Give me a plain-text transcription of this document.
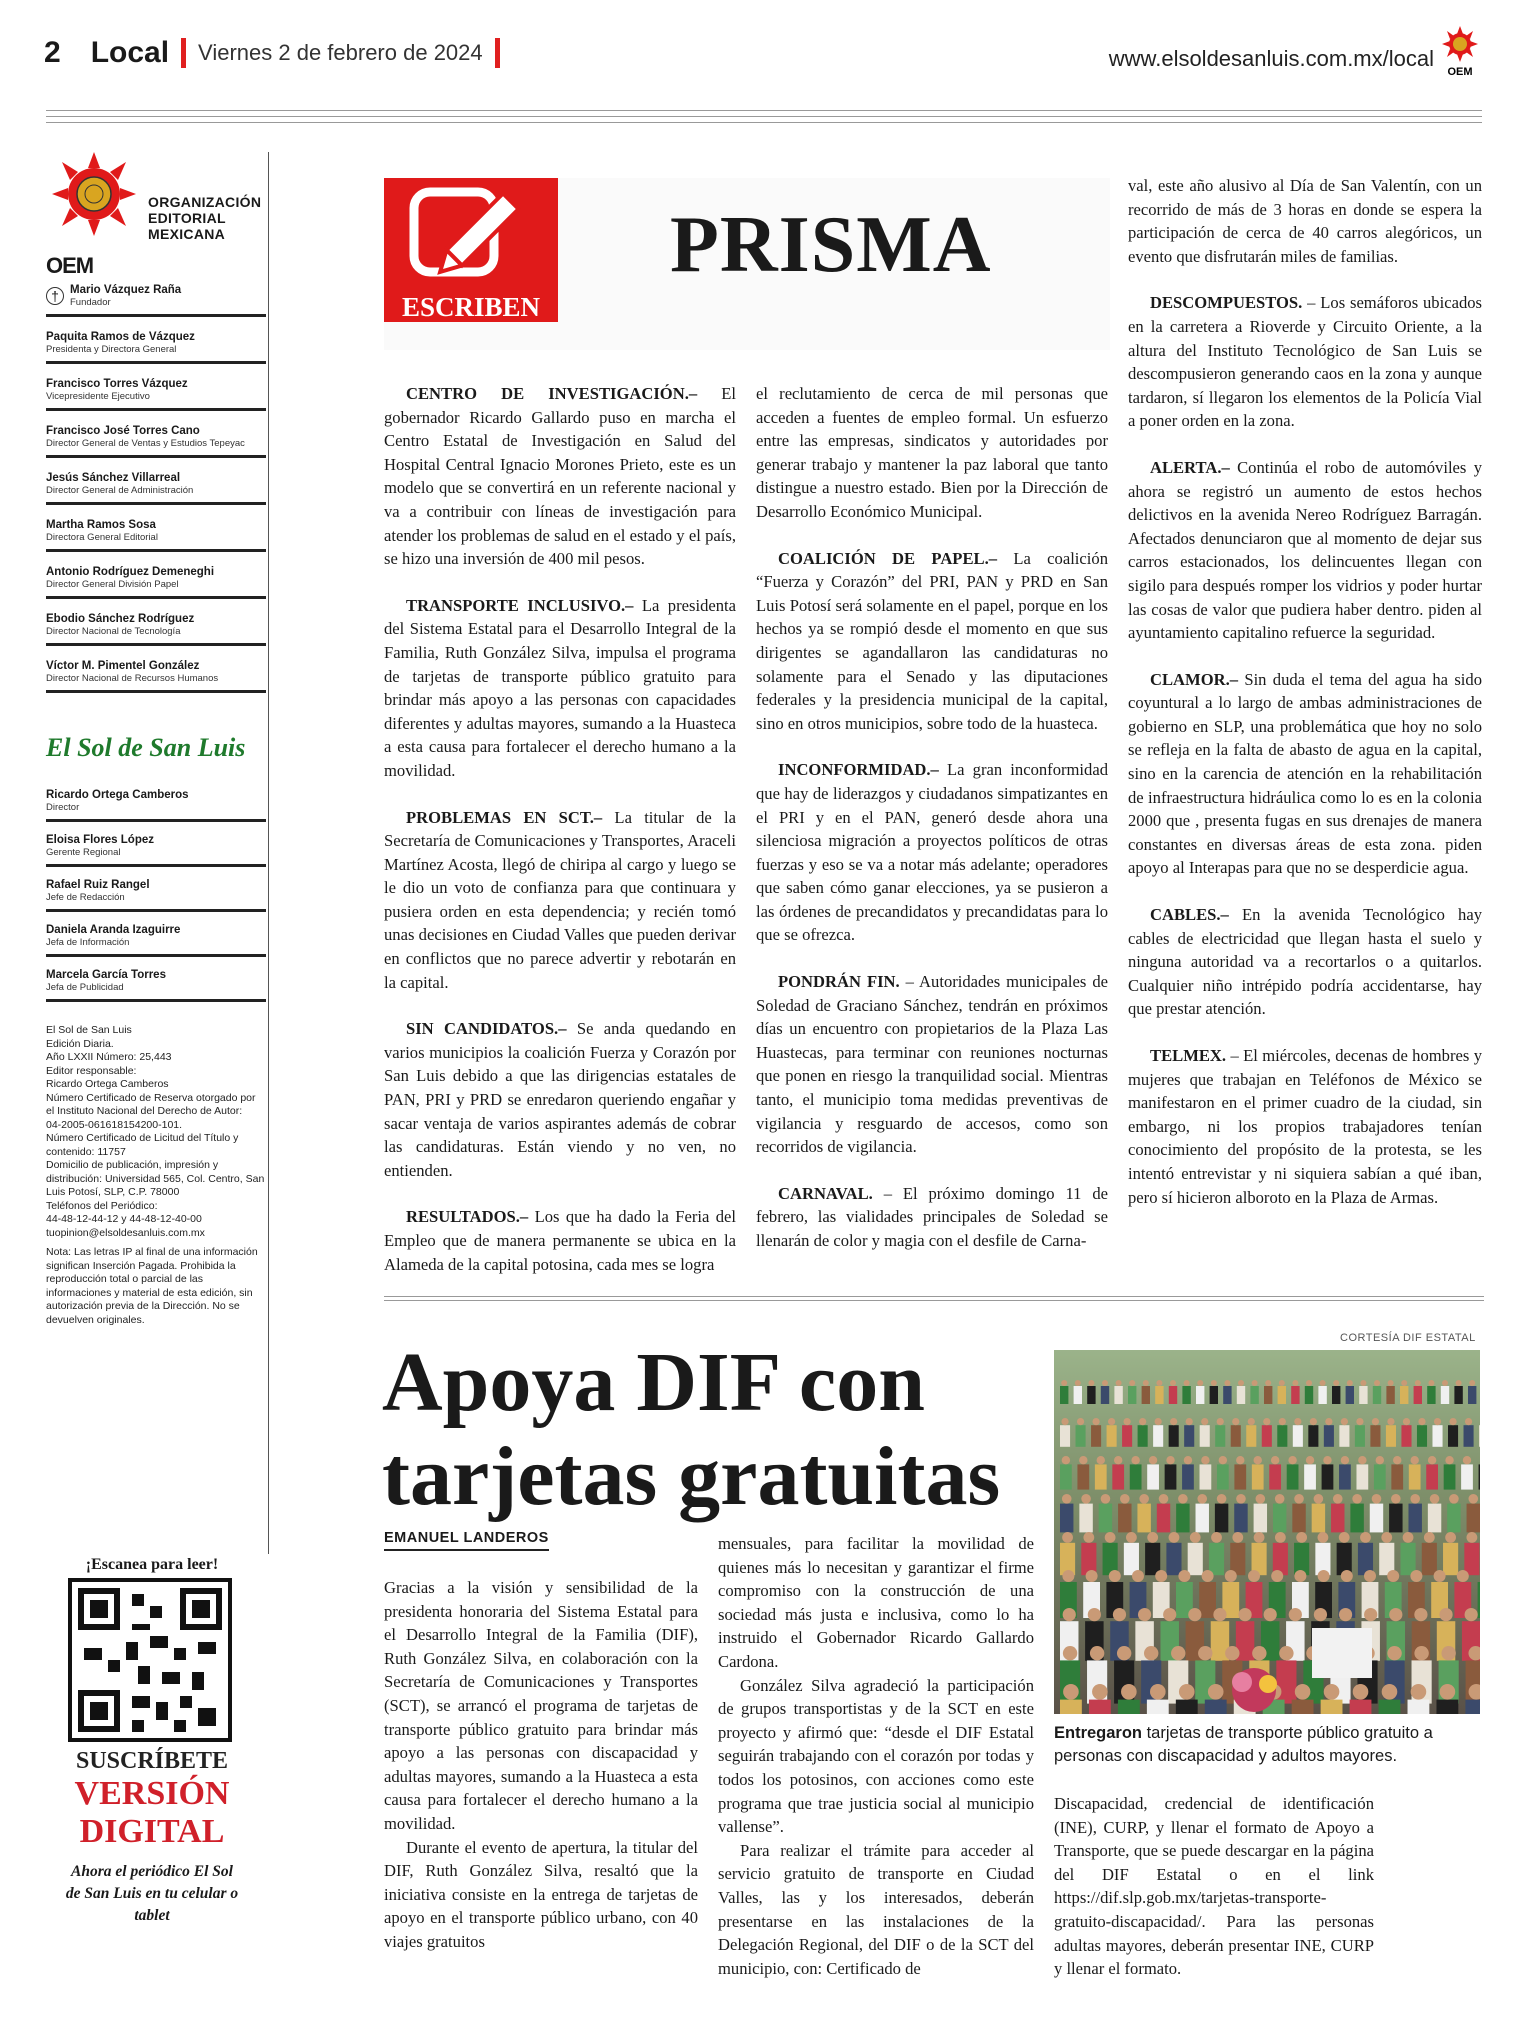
2 Local Viernes 2 de febrero de 2024	www.elsoldesanluis.com.mx/local
OEM
OEM
ORGANIZACIÓN EDITORIAL MEXICANA
† Mario Vázquez Raña
Fundador
Paquita Ramos de Vázquez
Presidenta y Directora General
Francisco Torres Vázquez
Vicepresidente Ejecutivo
Francisco José Torres Cano
Director General de Ventas y Estudios Tepeyac
Jesús Sánchez Villarreal
Director General de Administración
Martha Ramos Sosa
Directora General Editorial
Antonio Rodríguez Demeneghi
Director General División Papel
Ebodio Sánchez Rodríguez
Director Nacional de Tecnología
Víctor M. Pimentel González
Director Nacional de Recursos Humanos
El Sol de San Luis
Ricardo Ortega Camberos
Director
Eloisa Flores López
Gerente Regional
Rafael Ruiz Rangel
Jefe de Redacción
Daniela Aranda Izaguirre
Jefa de Información
Marcela García Torres
Jefa de Publicidad
El Sol de San Luis
Edición Diaria.
Año LXXII Número: 25,443
Editor responsable:
Ricardo Ortega Camberos
Número Certificado de Reserva otorgado por el Instituto Nacional del Derecho de Autor:
04-2005-061618154200-101.
Número Certificado de Licitud del Título y contenido: 11757
Domicilio de publicación, impresión y distribución: Universidad 565, Col. Centro, San Luis Potosí, SLP, C.P. 78000
Teléfonos del Periódico:
44-48-12-44-12 y 44-48-12-40-00
tuopinion@elsoldesanluis.com.mx
Nota: Las letras IP al final de una información significan Inserción Pagada. Prohibida la reproducción total o parcial de las informaciones y material de esta edición, sin autorización previa de la Dirección. No se devuelven originales.
¡Escanea para leer!
SUSCRÍBETE
VERSIÓN DIGITAL
Ahora el periódico El Sol de San Luis en tu celular o tablet
ESCRIBEN
PRISMA

CENTRO DE INVESTIGACIÓN.– El gobernador Ricardo Gallardo puso en marcha el Centro Estatal de Investigación en Salud del Hospital Central Ignacio Morones Prieto, este es un modelo que se convertirá en un referente nacional y va a contribuir con líneas de investigación para atender los problemas de salud en el estado y el país, se hizo una inversión de 400 mil pesos.

TRANSPORTE INCLUSIVO.– La presidenta del Sistema Estatal para el Desarrollo Integral de la Familia, Ruth González Silva, impulsa el programa de tarjetas de transporte público gratuito para brindar más apoyo a las personas con capacidades diferentes y adultas mayores, sumando a la Huasteca a esta causa para fortalecer el derecho humano a la movilidad.

PROBLEMAS EN SCT.– La titular de la Secretaría de Comunicaciones y Transportes, Araceli Martínez Acosta, llegó de chiripa al cargo y luego se le dio un voto de confianza para que continuara y pusiera orden en esta dependencia; y recién tomó unas decisiones en Ciudad Valles que pueden derivar en conflictos que no parece advertir y rebotarán en la capital.

SIN CANDIDATOS.– Se anda quedando en varios municipios la coalición Fuerza y Corazón por San Luis debido a que las dirigencias estatales de PAN, PRI y PRD se enredaron queriendo engañar y sacar ventaja de varios aspirantes además de cobrar las candidaturas. Están viendo y no ven, no entienden.

RESULTADOS.– Los que ha dado la Feria del Empleo que de manera permanente se ubica en la Alameda de la capital potosina, cada mes se logra

el reclutamiento de cerca de mil personas que acceden a fuentes de empleo formal. Un esfuerzo entre las empresas, sindicatos y autoridades por generar trabajo y mantener la paz laboral que tanto distingue a nuestro estado. Bien por la Dirección de Desarrollo Económico Municipal.

COALICIÓN DE PAPEL.– La coalición “Fuerza y Corazón” del PRI, PAN y PRD en San Luis Potosí será solamente en el papel, porque en los hechos ya se rompió desde el momento en que sus dirigentes se agandallaron las candidaturas no solamente para el Senado y las diputaciones federales y la presidencia municipal de la capital, sino en otros municipios, sobre todo de la huasteca.

INCONFORMIDAD.– La gran inconformidad que hay de liderazgos y ciudadanos simpatizantes en el PRI y en el PAN, generó desde ahora una silenciosa migración a proyectos políticos de otras fuerzas y eso se va a notar más adelante; operadores que saben cómo ganar elecciones, ya se pusieron a las órdenes de precandidatos y precandidatas para lo que se ofrezca.

PONDRÁN FIN. – Autoridades municipales de Soledad de Graciano Sánchez, tendrán en próximos días un encuentro con propietarios de la Plaza Las Huastecas, para terminar con reuniones nocturnas que ponen en riesgo la tranquilidad social. Mientras tanto, el municipio toma medidas preventivas de vigilancia y resguardo de accesos, como son recorridos de vigilancia.

CARNAVAL. – El próximo domingo 11 de febrero, las vialidades principales de Soledad se llenarán de color y magia con el desfile de Carna-

val, este año alusivo al Día de San Valentín, con un recorrido de más de 3 horas en donde se espera la participación de cerca de 40 carros alegóricos, un evento que disfrutarán miles de familias.

DESCOMPUESTOS. – Los semáforos ubicados en la carretera a Rioverde y Circuito Oriente, a la altura del Instituto Tecnológico de San Luis se descompusieron generando caos en la zona y aunque tardaron, sí llegaron los elementos de la Policía Vial a poner orden en la zona.

ALERTA.– Continúa el robo de automóviles y ahora se registró un aumento de estos hechos delictivos en la avenida Nereo Rodríguez Barragán. Afectados denunciaron que al momento de dejar sus carros estacionados, los delincuentes llegan con sigilo para después romper los vidrios y poder hurtar las cosas de valor que pudiera haber dentro. piden al ayuntamiento capitalino refuerce la seguridad.

CLAMOR.– Sin duda el tema del agua ha sido coyuntural a lo largo de ambas administraciones de gobierno en SLP, una problemática que hoy no solo se refleja en la falta de abasto de agua en la capital, sino en la carencia de atención en la rehabilitación de infraestructura hidráulica como lo es en la colonia 2000 que , presenta fugas en sus drenajes de manera constantes en diversas áreas de esta zona. piden apoyo al Interapas para que no se desperdicie agua.

CABLES.– En la avenida Tecnológico hay cables de electricidad que llegan hasta el suelo y ninguna autoridad va a recortarlos o a quitarlos. Cualquier niño intrépido podría accidentarse, hay que prestar atención.

TELMEX. – El miércoles, decenas de hombres y mujeres que trabajan en Teléfonos de México se manifestaron en el primer cuadro de la ciudad, sin embargo, ni los propios trabajadores tenían conocimiento del propósito de la protesta, se les intentó entrevistar y ni siquiera sabían a qué iban, pero sí hicieron alboroto en la Plaza de Armas.

Apoya DIF con tarjetas gratuitas
EMANUEL LANDEROS

Gracias a la visión y sensibilidad de la presidenta honoraria del Sistema Estatal para el Desarrollo Integral de la Familia (DIF), Ruth González Silva, en colaboración con la Secretaría de Comunicaciones y Transportes (SCT), se arrancó el programa de tarjetas de transporte público gratuito para brindar más apoyo a las personas con discapacidad y adultas mayores, sumando a la Huasteca a esta causa para fortalecer el derecho humano a la movilidad.

Durante el evento de apertura, la titular del DIF, Ruth González Silva, resaltó que la iniciativa consiste en la entrega de tarjetas de apoyo en el transporte público urbano, con 40 viajes gratuitos

mensuales, para facilitar la movilidad de quienes más lo necesitan y garantizar el firme compromiso con la construcción de una sociedad más justa e inclusiva, como lo ha instruido el Gobernador Ricardo Gallardo Cardona.

González Silva agradeció la participación de grupos transportistas y de la SCT en este proyecto y afirmó que: “desde el DIF Estatal seguirán trabajando con el corazón por todas y todos los potosinos, con acciones como este programa que trae justicia social al municipio vallense”.

Para realizar el trámite para acceder al servicio gratuito de transporte en Ciudad Valles, las y los interesados, deberán presentarse en las instalaciones de la Delegación Regional, del DIF o de la SCT del municipio, con: Certificado de

Discapacidad, credencial de identificación (INE), CURP, y llenar el formato de Apoyo a Transporte, que se puede descargar en la página del DIF Estatal o en el link https://dif.slp.gob.mx/tarjetas-transporte-gratuito-discapacidad/. Para las personas adultas mayores, deberán presentar INE, CURP y llenar el formato.

CORTESÍA DIF ESTATAL
Entregaron tarjetas de transporte público gratuito a personas con discapacidad y adultos mayores.
